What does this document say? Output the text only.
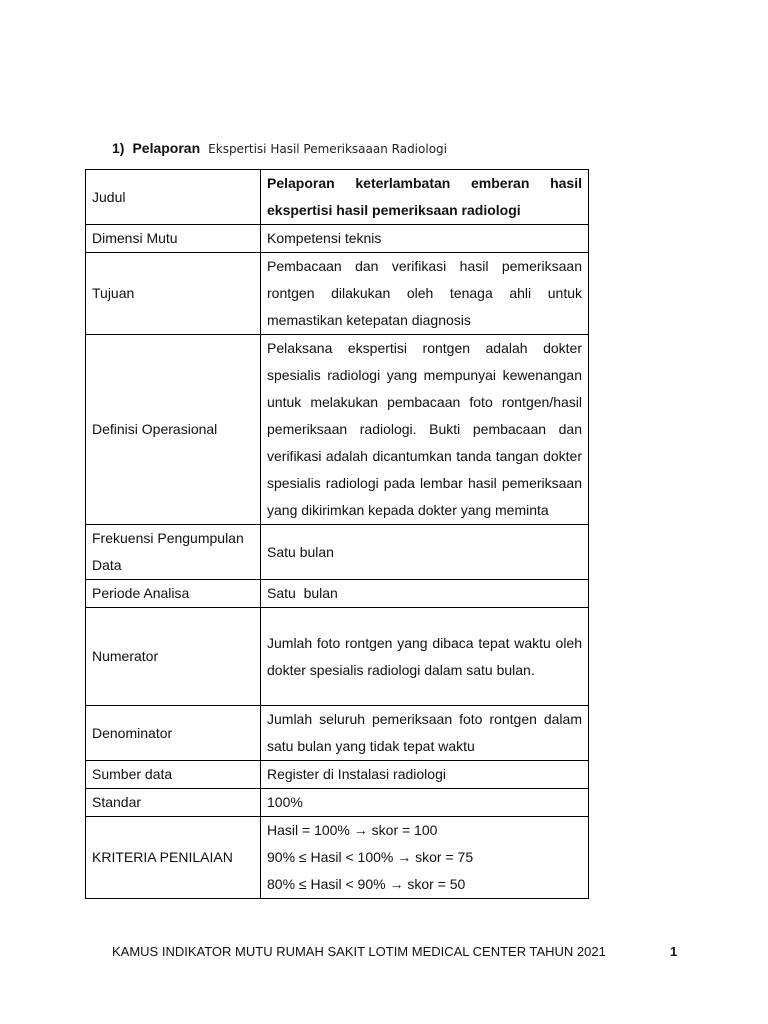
1) Pelaporan Ekspertisi Hasil Pemeriksaaan Radiologi
Judul	Pelaporan keterlambatan emberan hasil ekspertisi hasil pemeriksaan radiologi
Dimensi Mutu	Kompetensi teknis
Tujuan	Pembacaan dan verifikasi hasil pemeriksaan rontgen dilakukan oleh tenaga ahli untuk memastikan ketepatan diagnosis
Definisi Operasional	Pelaksana ekspertisi rontgen adalah dokter spesialis radiologi yang mempunyai kewenangan untuk melakukan pembacaan foto rontgen/hasil pemeriksaan radiologi. Bukti pembacaan dan verifikasi adalah dicantumkan tanda tangan dokter spesialis radiologi pada lembar hasil pemeriksaan yang dikirimkan kepada dokter yang meminta
Frekuensi Pengumpulan Data	Satu bulan
Periode Analisa	Satu  bulan
Numerator	Jumlah foto rontgen yang dibaca tepat waktu oleh dokter spesialis radiologi dalam satu bulan.
Denominator	Jumlah seluruh pemeriksaan foto rontgen dalam satu bulan yang tidak tepat waktu
Sumber data	Register di Instalasi radiologi
Standar	100%
KRITERIA PENILAIAN	Hasil = 100% → skor = 100
90% ≤ Hasil < 100% → skor = 75
80% ≤ Hasil < 90% → skor = 50
KAMUS INDIKATOR MUTU RUMAH SAKIT LOTIM MEDICAL CENTER TAHUN 2021	1
